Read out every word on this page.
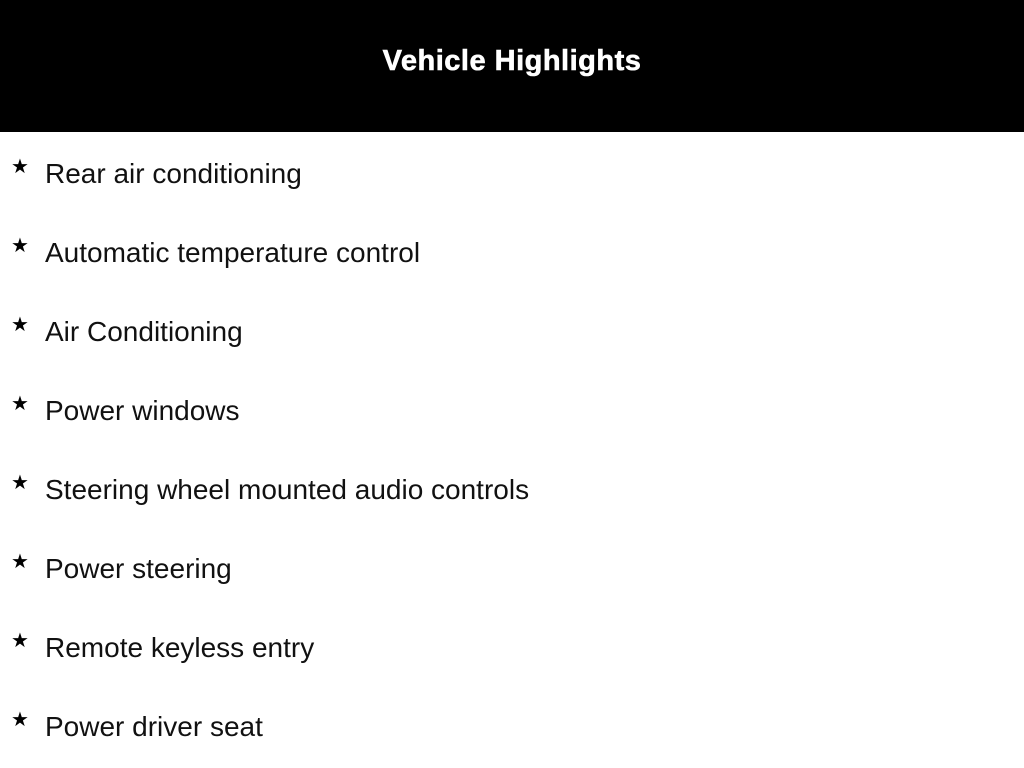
Vehicle Highlights
★ Rear air conditioning
★ Automatic temperature control
★ Air Conditioning
★ Power windows
★ Steering wheel mounted audio controls
★ Power steering
★ Remote keyless entry
★ Power driver seat
